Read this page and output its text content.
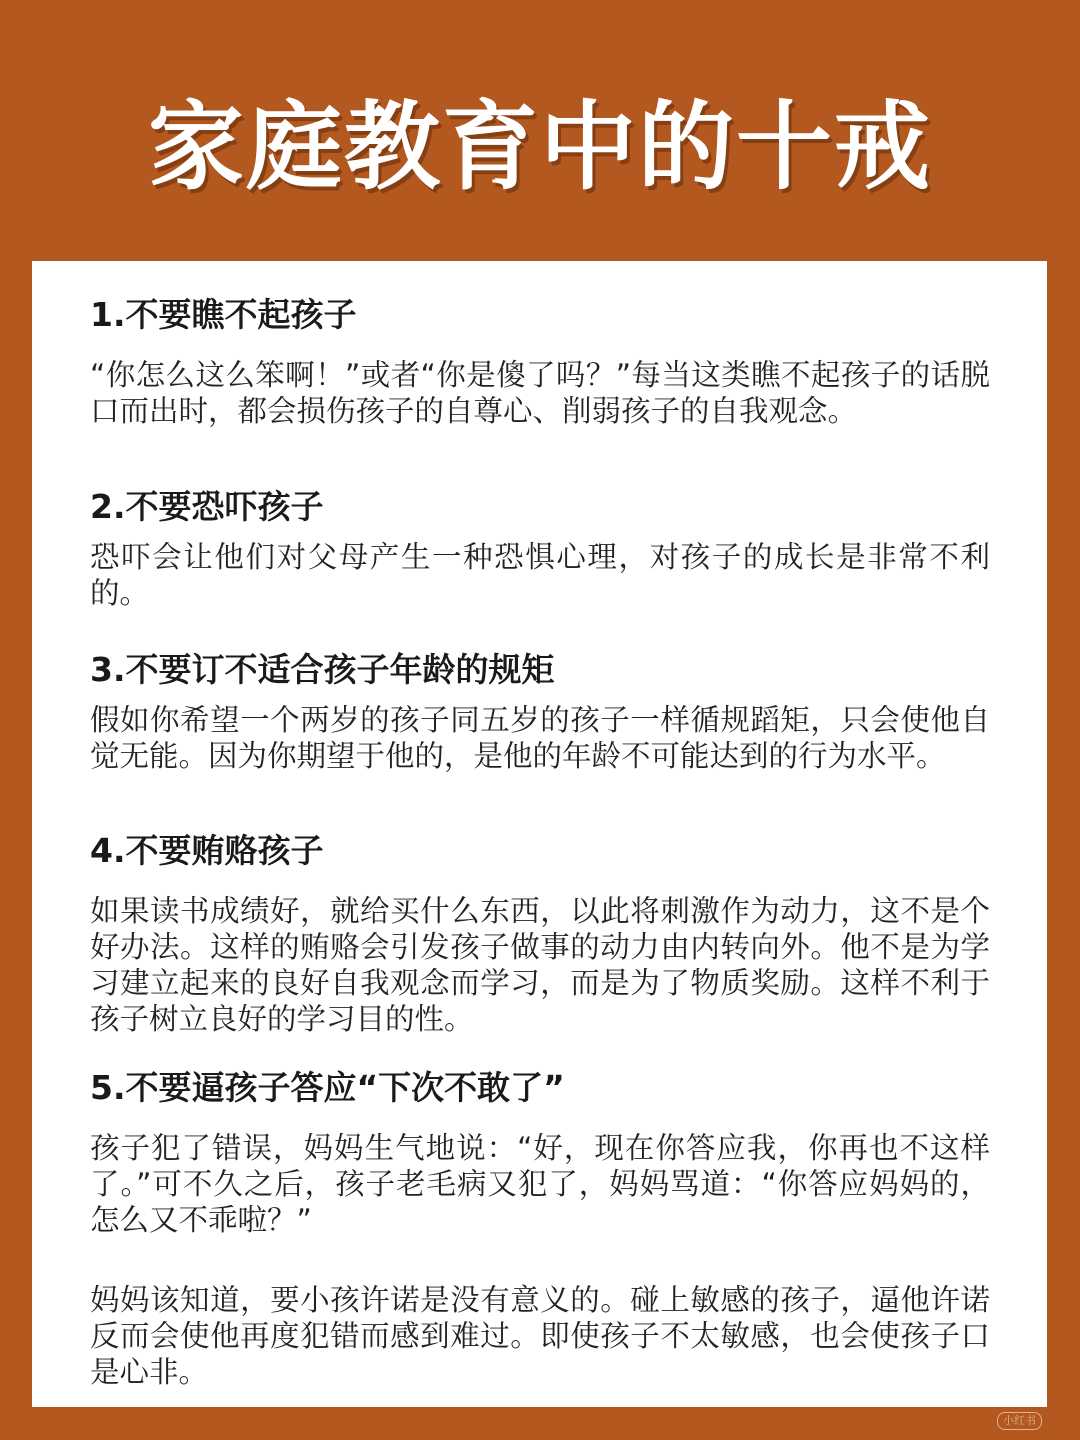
家庭教育中的十戒

1.不要瞧不起孩子

“你怎么这么笨啊！”或者“你是傻了吗？”每当这类瞧不起孩子的话脱口而出时，都会损伤孩子的自尊心、削弱孩子的自我观念。

2.不要恐吓孩子

恐吓会让他们对父母产生一种恐惧心理，对孩子的成长是非常不利的。

3.不要订不适合孩子年龄的规矩

假如你希望一个两岁的孩子同五岁的孩子一样循规蹈矩，只会使他自觉无能。因为你期望于他的，是他的年龄不可能达到的行为水平。

4.不要贿赂孩子

如果读书成绩好，就给买什么东西，以此将刺激作为动力，这不是个好办法。这样的贿赂会引发孩子做事的动力由内转向外。他不是为学习建立起来的良好自我观念而学习，而是为了物质奖励。这样不利于孩子树立良好的学习目的性。

5.不要逼孩子答应“下次不敢了”

孩子犯了错误，妈妈生气地说：“好，现在你答应我，你再也不这样了。”可不久之后，孩子老毛病又犯了，妈妈骂道：“你答应妈妈的，怎么又不乖啦？”

妈妈该知道，要小孩许诺是没有意义的。碰上敏感的孩子，逼他许诺反而会使他再度犯错而感到难过。即使孩子不太敏感，也会使孩子口是心非。

小红书
